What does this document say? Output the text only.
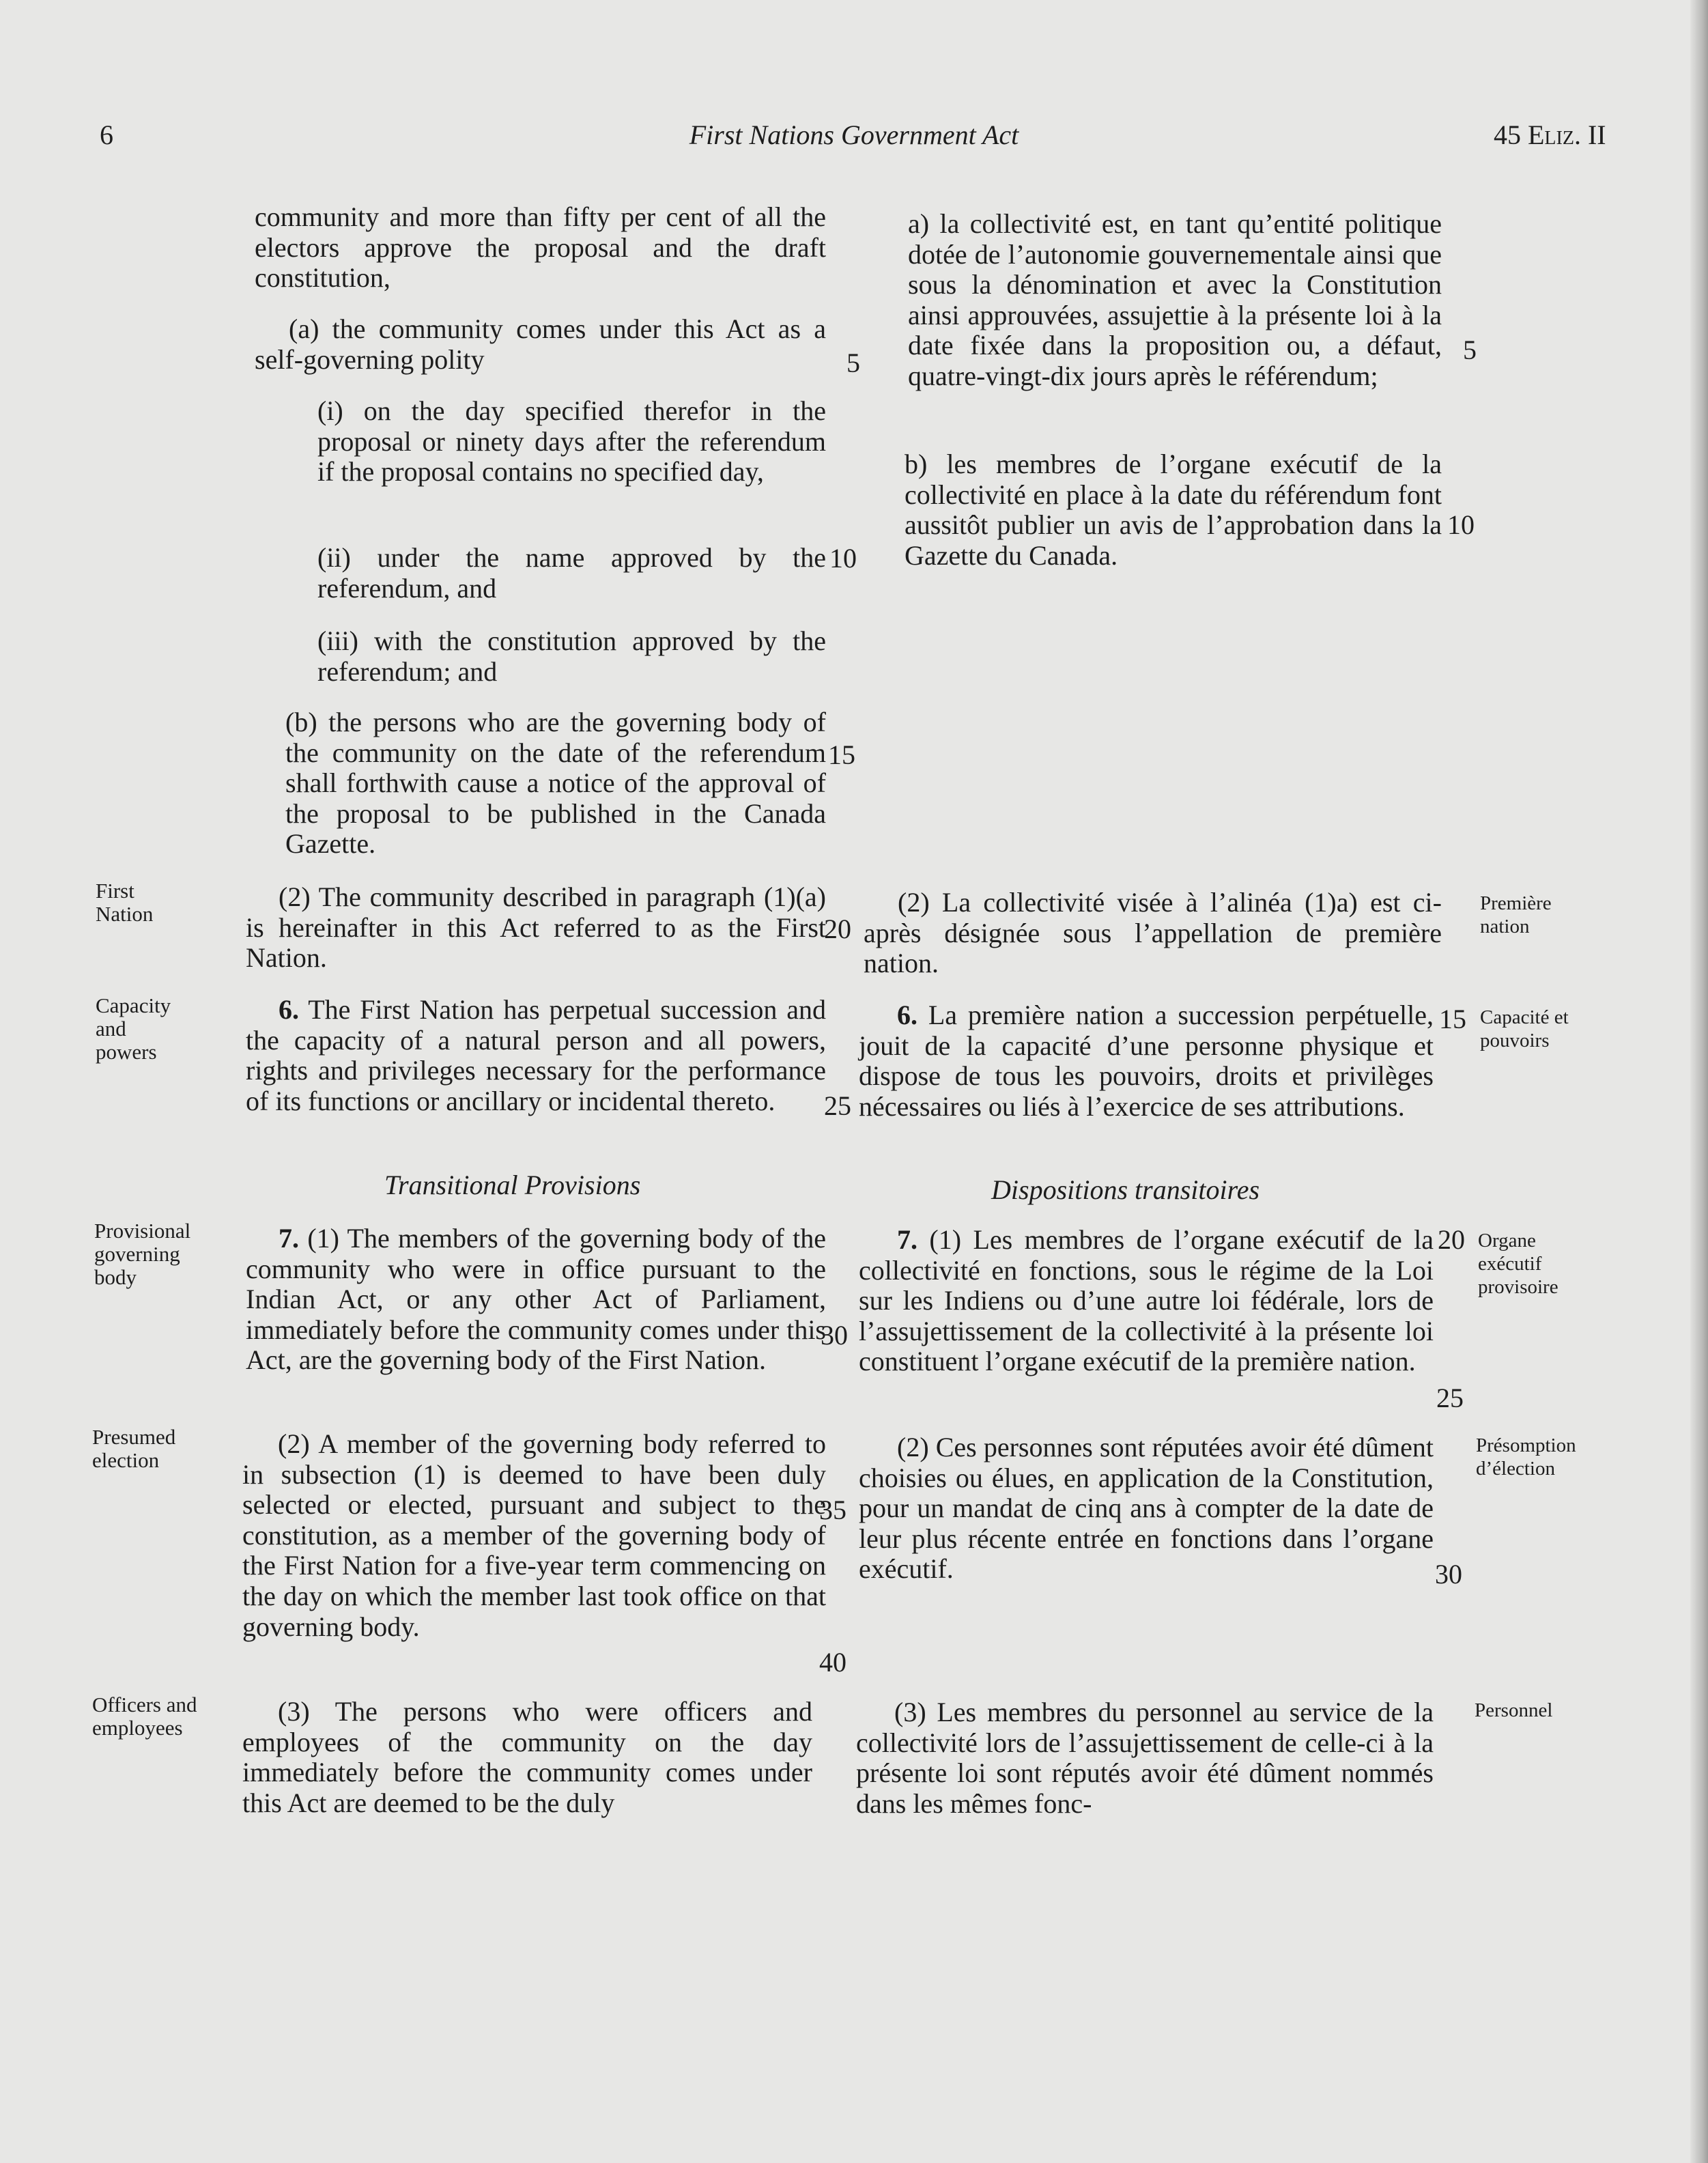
6	First Nations Government Act	45 Eliz. II

community and more than fifty per cent of all the electors approve the proposal and the draft constitution,

(a) the community comes under this Act as a self-governing polity

(i) on the day specified therefor in the proposal or ninety days after the referendum if the proposal contains no specified day,

(ii) under the name approved by the referendum, and

(iii) with the constitution approved by the referendum; and

(b) the persons who are the governing body of the community on the date of the referendum shall forthwith cause a notice of the approval of the proposal to be published in the Canada Gazette.

(2) The community described in paragraph (1)(a) is hereinafter in this Act referred to as the First Nation.

6. The First Nation has perpetual succession and the capacity of a natural person and all powers, rights and privileges necessary for the performance of its functions or ancillary or incidental thereto.

Transitional Provisions

7. (1) The members of the governing body of the community who were in office pursuant to the Indian Act, or any other Act of Parliament, immediately before the community comes under this Act, are the governing body of the First Nation.

(2) A member of the governing body referred to in subsection (1) is deemed to have been duly selected or elected, pursuant and subject to the constitution, as a member of the governing body of the First Nation for a five-year term commencing on the day on which the member last took office on that governing body.

(3) The persons who were officers and employees of the community on the day immediately before the community comes under this Act are deemed to be the duly

5
10
15
20
25
30
35
40
First
Nation
Capacity
and
powers
Provisional
governing
body
Presumed
election
Officers and
employees

a) la collectivité est, en tant qu’entité politique dotée de l’autonomie gouvernementale ainsi que sous la dénomination et avec la Constitution ainsi approuvées, assujettie à la présente loi à la date fixée dans la proposition ou, a défaut, quatre-vingt-dix jours après le référendum;

b) les membres de l’organe exécutif de la collectivité en place à la date du référendum font aussitôt publier un avis de l’approbation dans la Gazette du Canada.

(2) La collectivité visée à l’alinéa (1)a) est ci-après désignée sous l’appellation de première nation.

6. La première nation a succession perpétuelle, jouit de la capacité d’une personne physique et dispose de tous les pouvoirs, droits et privilèges nécessaires ou liés à l’exercice de ses attributions.

Dispositions transitoires

7. (1) Les membres de l’organe exécutif de la collectivité en fonctions, sous le régime de la Loi sur les Indiens ou d’une autre loi fédérale, lors de l’assujettissement de la collectivité à la présente loi constituent l’organe exécutif de la première nation.

(2) Ces personnes sont réputées avoir été dûment choisies ou élues, en application de la Constitution, pour un mandat de cinq ans à compter de la date de leur plus récente entrée en fonctions dans l’organe exécutif.

(3) Les membres du personnel au service de la collectivité lors de l’assujettissement de celle-ci à la présente loi sont réputés avoir été dûment nommés dans les mêmes fonc-

5
10
15
20
25
30
Première
nation
Capacité et
pouvoirs
Organe
exécutif
provisoire
Présomption
d’élection
Personnel
